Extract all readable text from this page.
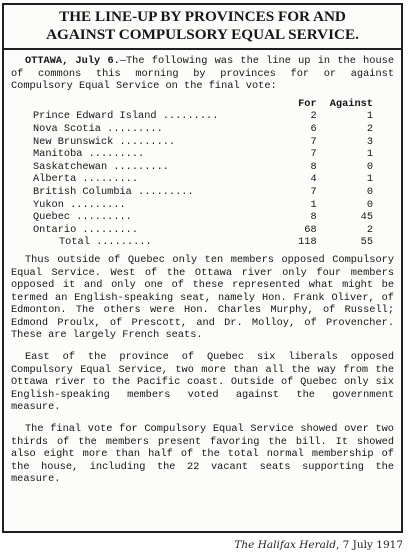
THE LINE-UP BY PROVINCES FOR AND
AGAINST COMPULSORY EQUAL SERVICE.

OTTAWA, July 6.—The following was the line up in the house of commons this morning by provinces for or against Compulsory Equal Service on the final vote:

	For	Against
Prince Edward Island .........	2	1
Nova Scotia .........	6	2
New Brunswick .........	7	3
Manitoba .........	7	1
Saskatchewan .........	8	0
Alberta .........	4	1
British Columbia .........	7	0
Yukon .........	1	0
Quebec .........	8	45
Ontario .........	68	2
Total .........	118	55

Thus outside of Quebec only ten members opposed Compulsory Equal Service. West of the Ottawa river only four members opposed it and only one of these represented what might be termed an English-speaking seat, namely Hon. Frank Oliver, of Edmonton. The others were Hon. Charles Murphy, of Russell; Edmond Proulx, of Prescott, and Dr. Molloy, of Provencher. These are largely French seats.

East of the province of Quebec six liberals opposed Compulsory Equal Service, two more than all the way from the Ottawa river to the Pacific coast. Outside of Quebec only six English-speaking members voted against the government measure.

The final vote for Compulsory Equal Service showed over two thirds of the members present favoring the bill. It showed also eight more than half of the total normal membership of the house, including the 22 vacant seats supporting the measure.

The Halifax Herald, 7 July 1917
